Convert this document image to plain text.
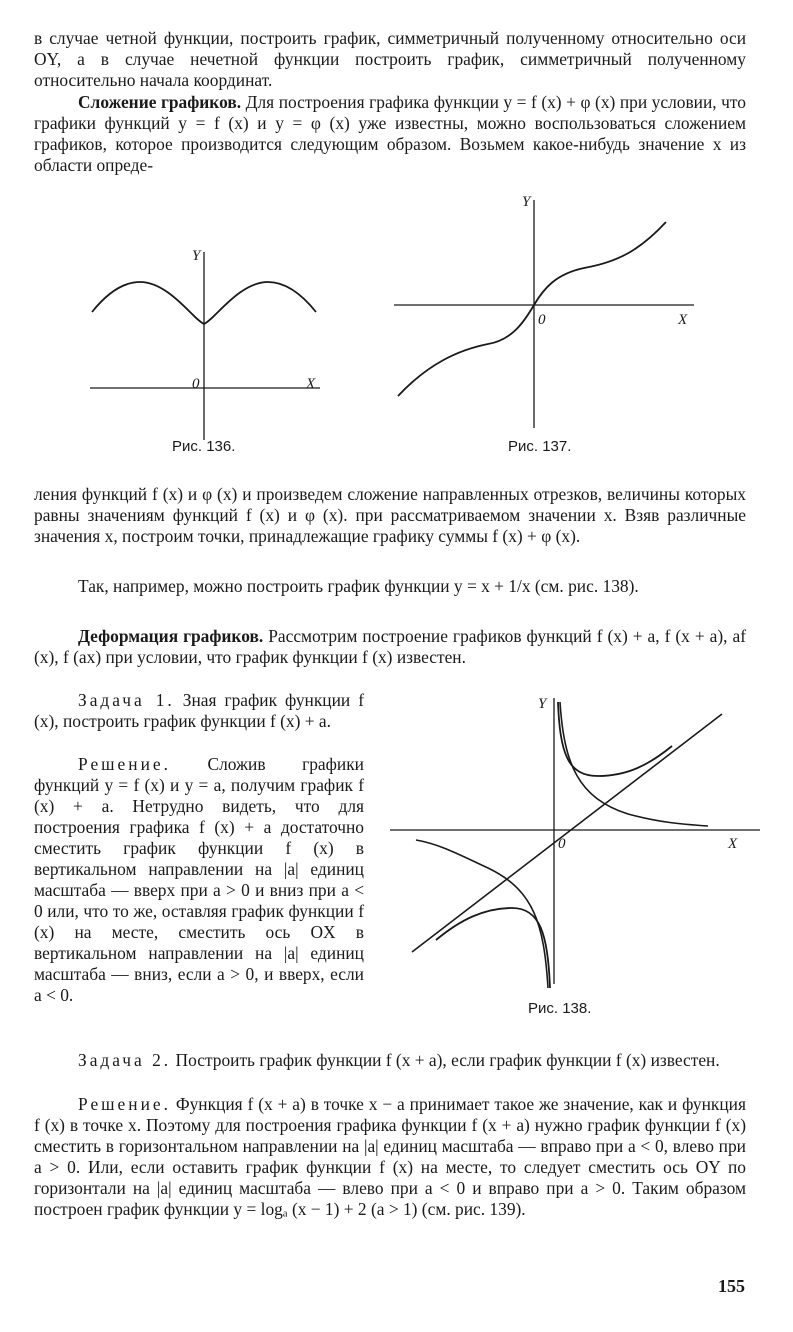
в случае четной функции, построить график, симметричный полученному относительно оси OY, а в случае нечетной функции построить график, симметричный полученному относительно начала координат.

Сложение графиков. Для построения графика функции y = f (x) + φ (x) при условии, что графики функций y = f (x) и y = φ (x) уже известны, можно воспользоваться сложением графиков, которое производится следующим образом. Возьмем какое-нибудь значение x из области опреде-

Y
0	X
Рис. 136.
Y
0	X
Рис. 137.

ления функций f (x) и φ (x) и произведем сложение направленных отрезков, величины которых равны значениям функций f (x) и φ (x). при рассматриваемом значении x. Взяв различные значения x, построим точки, принадлежащие графику суммы f (x) + φ (x).

Так, например, можно построить график функции y = x + 1/x (см. рис. 138).

Деформация графиков. Рассмотрим построение графиков функций f (x) + a, f (x + a), af (x), f (ax) при условии, что график функции f (x) известен.

Задача 1. Зная график функции f (x), построить график функции f (x) + a.

Решение. Сложив графики функций y = f (x) и y = a, получим график f (x) + a. Нетрудно видеть, что для построения графика f (x) + a достаточно сместить график функции f (x) в вертикальном направлении на |a| единиц масштаба — вверх при a > 0 и вниз при a < 0 или, что то же, оставляя график функции f (x) на месте, сместить ось OX в вертикальном направлении на |a| единиц масштаба — вниз, если a > 0, и вверх, если a < 0.

Y
0	X
Рис. 138.

Задача 2. Построить график функции f (x + a), если график функции f (x) известен.

Решение. Функция f (x + a) в точке x − a принимает такое же значение, как и функция f (x) в точке x. Поэтому для построения графика функции f (x + a) нужно график функции f (x) сместить в горизонтальном направлении на |a| единиц масштаба — вправо при a < 0, влево при a > 0. Или, если оставить график функции f (x) на месте, то следует сместить ось OY по горизонтали на |a| единиц масштаба — влево при a < 0 и вправо при a > 0. Таким образом построен график функции y = logₐ (x − 1) + 2 (a > 1) (см. рис. 139).

155
